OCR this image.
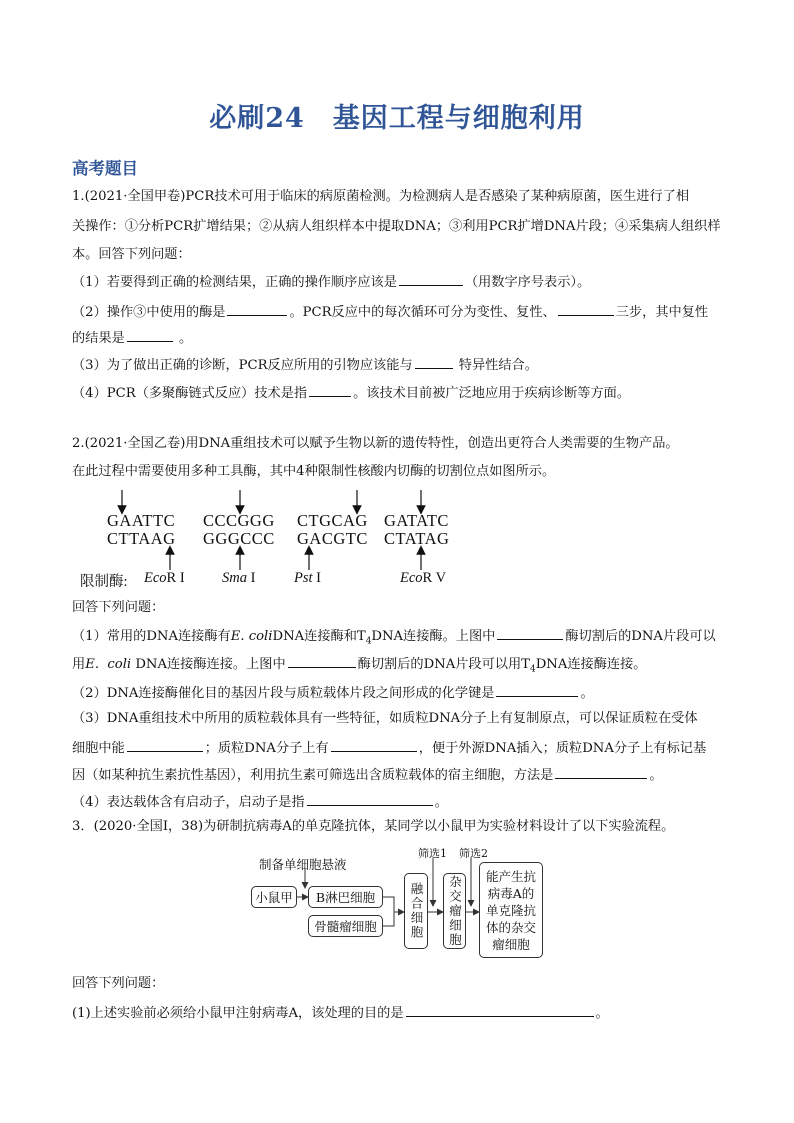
必刷24　基因工程与细胞利用
高考题目
1.(2021·全国甲卷)PCR技术可用于临床的病原菌检测。为检测病人是否感染了某种病原菌，医生进行了相
关操作：①分析PCR扩增结果；②从病人组织样本中提取DNA；③利用PCR扩增DNA片段；④采集病人组织样
本。回答下列问题：
（1）若要得到正确的检测结果，正确的操作顺序应该是	（用数字序号表示）。
（2）操作③中使用的酶是	。PCR反应中的每次循环可分为变性、复性、	三步，其中复性
的结果是	。
（3）为了做出正确的诊断，PCR反应所用的引物应该能与	特异性结合。
（4）PCR（多聚酶链式反应）技术是指	。该技术目前被广泛地应用于疾病诊断等方面。
2.(2021·全国乙卷)用DNA重组技术可以赋予生物以新的遗传特性，创造出更符合人类需要的生物产品。
在此过程中需要使用多种工具酶，其中4种限制性核酸内切酶的切割位点如图所示。
GAATTC CCCGGG CTGCAG GATATC
CTTAAG GGGCCC GACGTC CTATAG
限制酶: EcoR I	Sma I	Pst I	EcoR V
回答下列问题：
（1）常用的DNA连接酶有E. coliDNA连接酶和$T_4DNA$连接酶。上图中	酶切割后的DNA片段可以
用E.  coli DNA连接酶连接。上图中	酶切割后的DNA片段可以用$T_4DNA$连接酶连接。
（2）DNA连接酶催化目的基因片段与质粒载体片段之间形成的化学键是	。
（3）DNA重组技术中所用的质粒载体具有一些特征，如质粒DNA分子上有复制原点，可以保证质粒在受体
细胞中能	；质粒DNA分子上有	，便于外源DNA插入；质粒DNA分子上有标记基
因（如某种抗生素抗性基因），利用抗生素可筛选出含质粒载体的宿主细胞，方法是	。
（4）表达载体含有启动子，启动子是指	。
3．(2020·全国Ⅰ，38)为研制抗病毒A的单克隆抗体，某同学以小鼠甲为实验材料设计了以下实验流程。
制备单细胞悬液
筛选1 筛选2
小鼠甲	B淋巴细胞
骨髓瘤细胞	融合细胞	杂交瘤细胞 能产生抗
病毒A的
单克隆抗
体的杂交
瘤细胞
回答下列问题：
(1)上述实验前必须给小鼠甲注射病毒A，该处理的目的是	。
